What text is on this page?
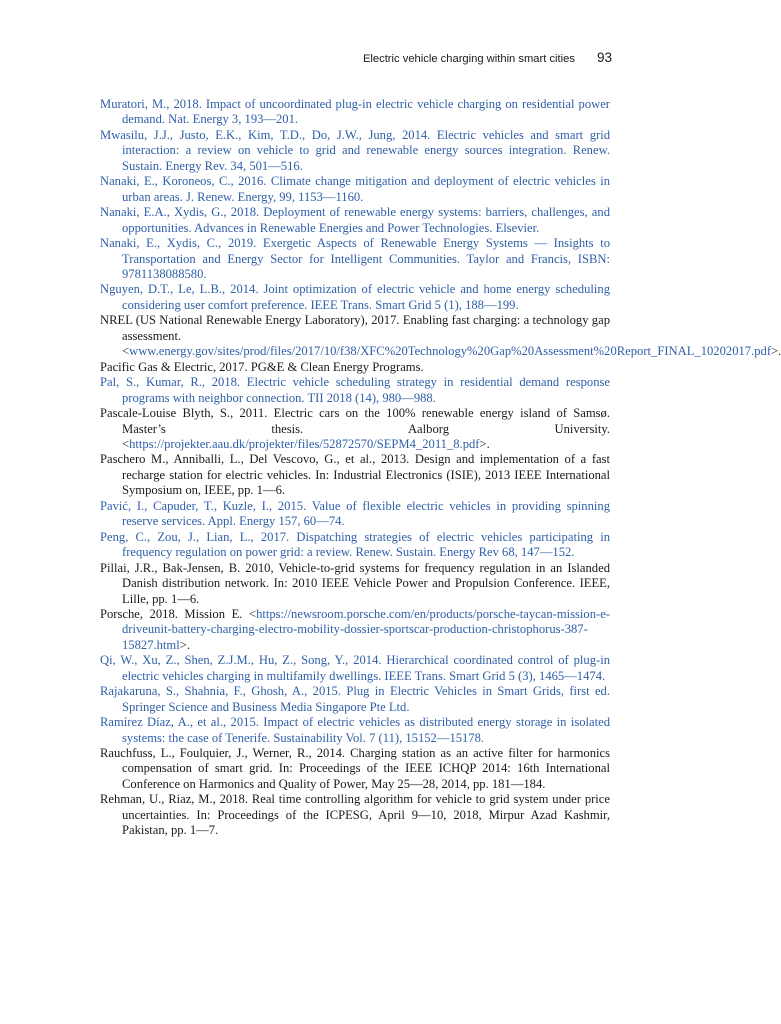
Electric vehicle charging within smart cities 93

Muratori, M., 2018. Impact of uncoordinated plug-in electric vehicle charging on residential power demand. Nat. Energy 3, 193—201.

Mwasilu, J.J., Justo, E.K., Kim, T.D., Do, J.W., Jung, 2014. Electric vehicles and smart grid interaction: a review on vehicle to grid and renewable energy sources integration. Renew. Sustain. Energy Rev. 34, 501—516.

Nanaki, E., Koroneos, C., 2016. Climate change mitigation and deployment of electric vehicles in urban areas. J. Renew. Energy, 99, 1153—1160.

Nanaki, E.A., Xydis, G., 2018. Deployment of renewable energy systems: barriers, challenges, and opportunities. Advances in Renewable Energies and Power Technologies. Elsevier.

Nanaki, E., Xydis, C., 2019. Exergetic Aspects of Renewable Energy Systems — Insights to Transportation and Energy Sector for Intelligent Communities. Taylor and Francis, ISBN: 9781138088580.

Nguyen, D.T., Le, L.B., 2014. Joint optimization of electric vehicle and home energy scheduling considering user comfort preference. IEEE Trans. Smart Grid 5 (1), 188—199.

NREL (US National Renewable Energy Laboratory), 2017. Enabling fast charging: a technology gap assessment. <www.energy.gov/sites/prod/files/2017/10/f38/XFC%20Technology%20Gap%20Assessment%20Report_FINAL_10202017.pdf>.

Pacific Gas & Electric, 2017. PG&E & Clean Energy Programs.

Pal, S., Kumar, R., 2018. Electric vehicle scheduling strategy in residential demand response programs with neighbor connection. TII 2018 (14), 980—988.

Pascale-Louise Blyth, S., 2011. Electric cars on the 100% renewable energy island of Samsø. Master’s thesis. Aalborg University. <https://projekter.aau.dk/projekter/files/52872570/SEPM4_2011_8.pdf>.

Paschero M., Anniballi, L., Del Vescovo, G., et al., 2013. Design and implementation of a fast recharge station for electric vehicles. In: Industrial Electronics (ISIE), 2013 IEEE International Symposium on, IEEE, pp. 1—6.

Pavić, I., Capuder, T., Kuzle, I., 2015. Value of flexible electric vehicles in providing spinning reserve services. Appl. Energy 157, 60—74.

Peng, C., Zou, J., Lian, L., 2017. Dispatching strategies of electric vehicles participating in frequency regulation on power grid: a review. Renew. Sustain. Energy Rev 68, 147—152.

Pillai, J.R., Bak-Jensen, B. 2010, Vehicle-to-grid systems for frequency regulation in an Islanded Danish distribution network. In: 2010 IEEE Vehicle Power and Propulsion Conference. IEEE, Lille, pp. 1—6.

Porsche, 2018. Mission E. <https://newsroom.porsche.com/en/products/porsche-taycan-mission-e-driveunit-battery-charging-electro-mobility-dossier-sportscar-production-christophorus-387-15827.html>.

Qi, W., Xu, Z., Shen, Z.J.M., Hu, Z., Song, Y., 2014. Hierarchical coordinated control of plug-in electric vehicles charging in multifamily dwellings. IEEE Trans. Smart Grid 5 (3), 1465—1474.

Rajakaruna, S., Shahnia, F., Ghosh, A., 2015. Plug in Electric Vehicles in Smart Grids, first ed. Springer Science and Business Media Singapore Pte Ltd.

Ramírez Díaz, A., et al., 2015. Impact of electric vehicles as distributed energy storage in isolated systems: the case of Tenerife. Sustainability Vol. 7 (11), 15152—15178.

Rauchfuss, L., Foulquier, J., Werner, R., 2014. Charging station as an active filter for harmonics compensation of smart grid. In: Proceedings of the IEEE ICHQP 2014: 16th International Conference on Harmonics and Quality of Power, May 25—28, 2014, pp. 181—184.

Rehman, U., Riaz, M., 2018. Real time controlling algorithm for vehicle to grid system under price uncertainties. In: Proceedings of the ICPESG, April 9—10, 2018, Mirpur Azad Kashmir, Pakistan, pp. 1—7.
